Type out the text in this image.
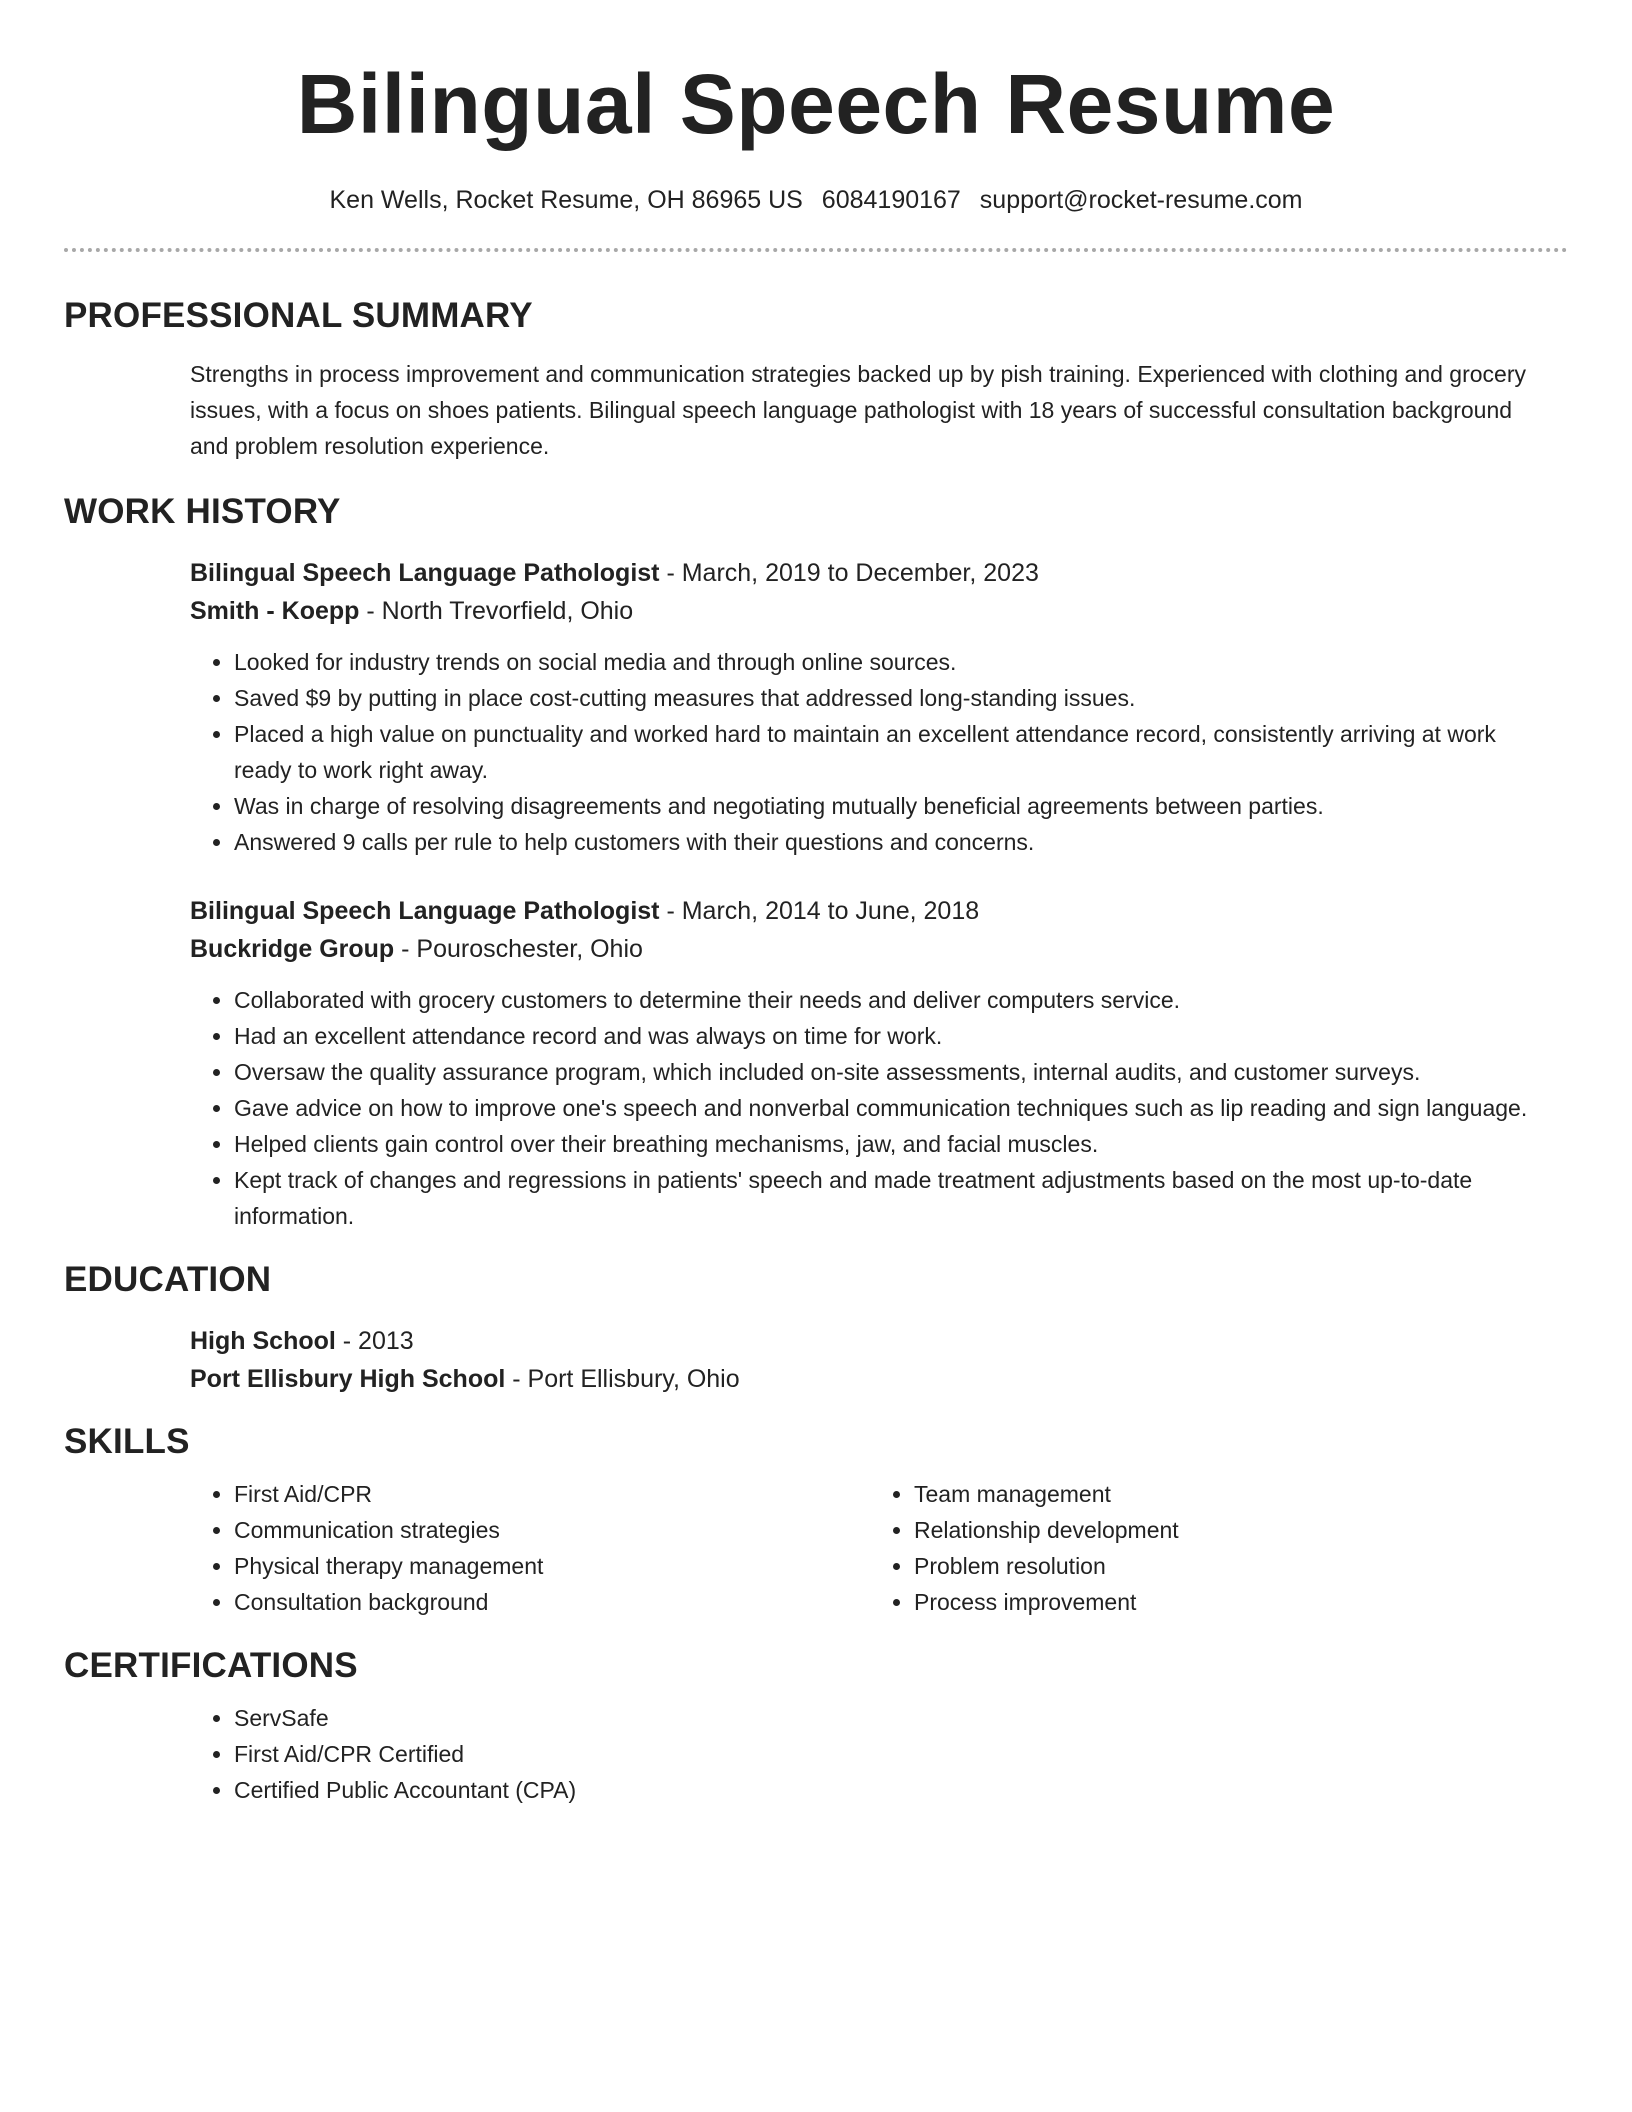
Bilingual Speech Resume
Ken Wells, Rocket Resume, OH 86965 US 6084190167 support@rocket-resume.com
PROFESSIONAL SUMMARY

Strengths in process improvement and communication strategies backed up by pish training. Experienced with clothing and grocery issues, with a focus on shoes patients. Bilingual speech language pathologist with 18 years of successful consultation background and problem resolution experience.

WORK HISTORY
Bilingual Speech Language Pathologist - March, 2019 to December, 2023
Smith - Koepp - North Trevorfield, Ohio
• Looked for industry trends on social media and through online sources.
• Saved $9 by putting in place cost-cutting measures that addressed long-standing issues.
• Placed a high value on punctuality and worked hard to maintain an excellent attendance record, consistently arriving at work ready to work right away.
• Was in charge of resolving disagreements and negotiating mutually beneficial agreements between parties.
• Answered 9 calls per rule to help customers with their questions and concerns.
Bilingual Speech Language Pathologist - March, 2014 to June, 2018
Buckridge Group - Pouroschester, Ohio
• Collaborated with grocery customers to determine their needs and deliver computers service.
• Had an excellent attendance record and was always on time for work.
• Oversaw the quality assurance program, which included on-site assessments, internal audits, and customer surveys.
• Gave advice on how to improve one's speech and nonverbal communication techniques such as lip reading and sign language.
• Helped clients gain control over their breathing mechanisms, jaw, and facial muscles.
• Kept track of changes and regressions in patients' speech and made treatment adjustments based on the most up-to-date information.
EDUCATION
High School - 2013
Port Ellisbury High School - Port Ellisbury, Ohio
SKILLS
• First Aid/CPR
• Communication strategies
• Physical therapy management
• Consultation background
• Team management
• Relationship development
• Problem resolution
• Process improvement
CERTIFICATIONS
• ServSafe
• First Aid/CPR Certified
• Certified Public Accountant (CPA)
